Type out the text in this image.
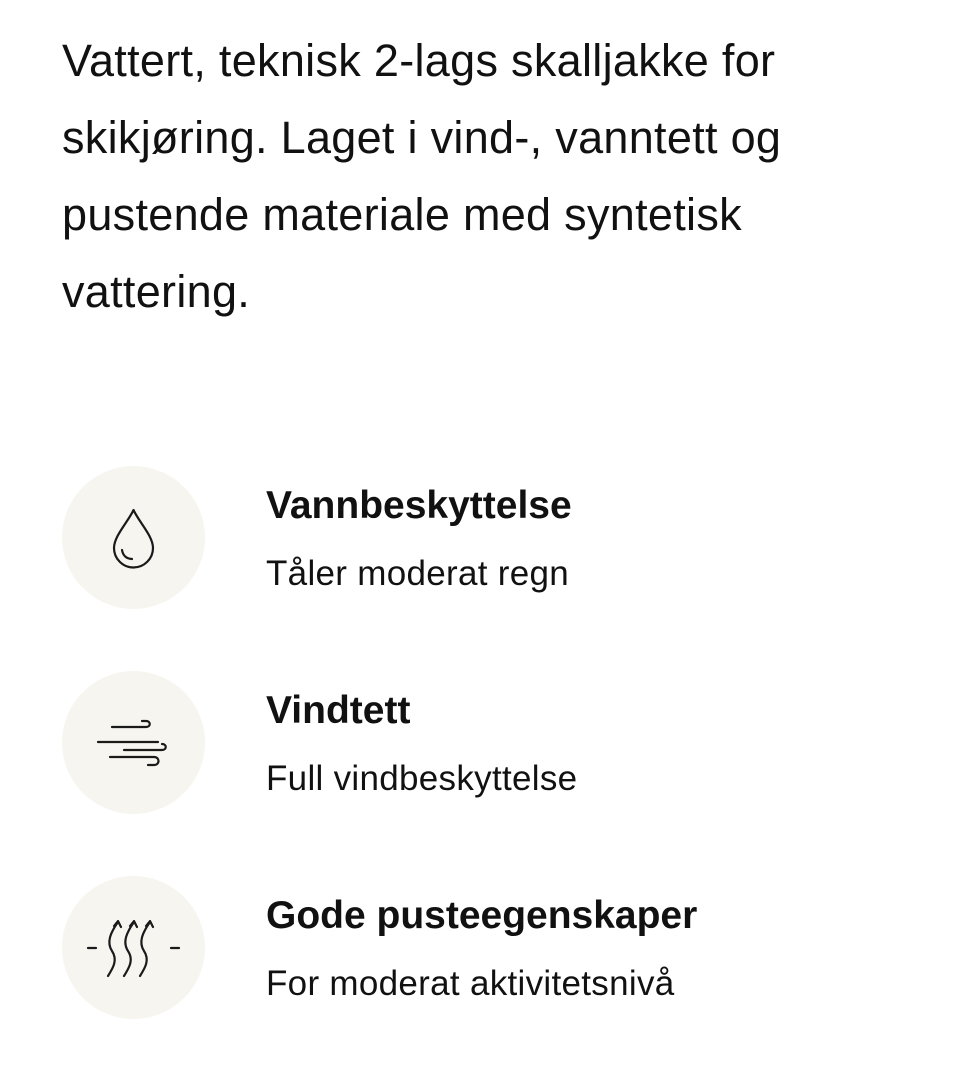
Vattert, teknisk 2-lags skalljakke for skikjøring. Laget i vind-, vanntett og pustende materiale med syntetisk vattering.

Vannbeskyttelse
Tåler moderat regn
Vindtett
Full vindbeskyttelse
Gode pusteegenskaper
For moderat aktivitetsnivå
